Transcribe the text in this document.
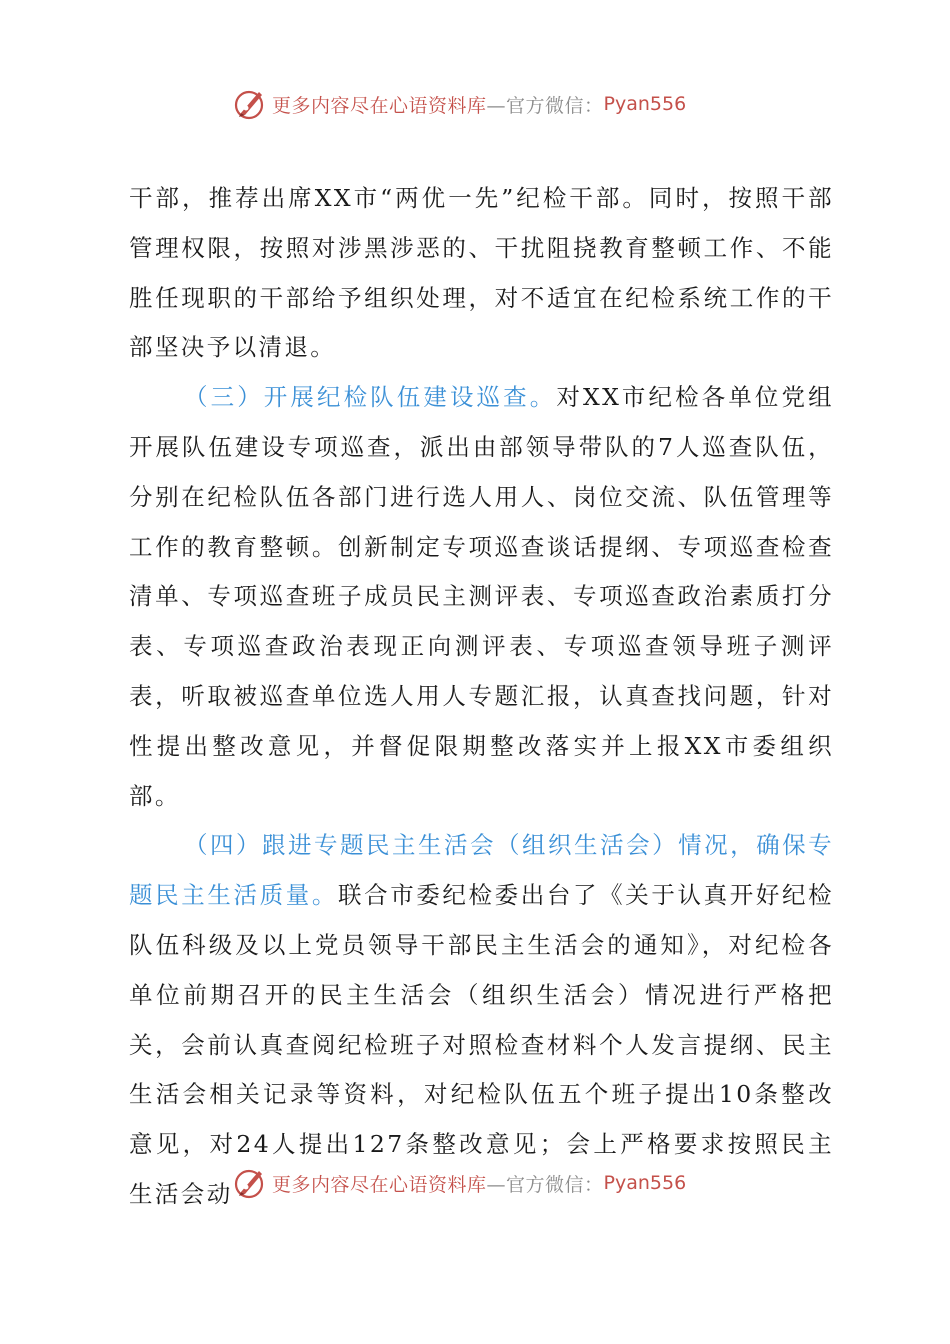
更多内容尽在心语资料库 —官方微信： Pyan556

干部，推荐出席XX市“两优一先”纪检干部。同时，按照干部管理权限，按照对涉黑涉恶的、干扰阻挠教育整顿工作、不能胜任现职的干部给予组织处理，对不适宜在纪检系统工作的干部坚决予以清退。

（三）开展纪检队伍建设巡查。对XX市纪检各单位党组开展队伍建设专项巡查，派出由部领导带队的7人巡查队伍，分别在纪检队伍各部门进行选人用人、岗位交流、队伍管理等工作的教育整顿。创新制定专项巡查谈话提纲、专项巡查检查清单、专项巡查班子成员民主测评表、专项巡查政治素质打分表、专项巡查政治表现正向测评表、专项巡查领导班子测评表，听取被巡查单位选人用人专题汇报，认真查找问题，针对性提出整改意见，并督促限期整改落实并上报XX市委组织部。

（四）跟进专题民主生活会（组织生活会）情况，确保专题民主生活质量。联合市委纪检委出台了《关于认真开好纪检队伍科级及以上党员领导干部民主生活会的通知》，对纪检各单位前期召开的民主生活会（组织生活会）情况进行严格把关，会前认真查阅纪检班子对照检查材料个人发言提纲、民主生活会相关记录等资料，对纪检队伍五个班子提出10条整改意见，对24人提出127条整改意见；会上严格要求按照民主生活会动	更多内容尽在心语资料库 —官方微信： Pyan556
